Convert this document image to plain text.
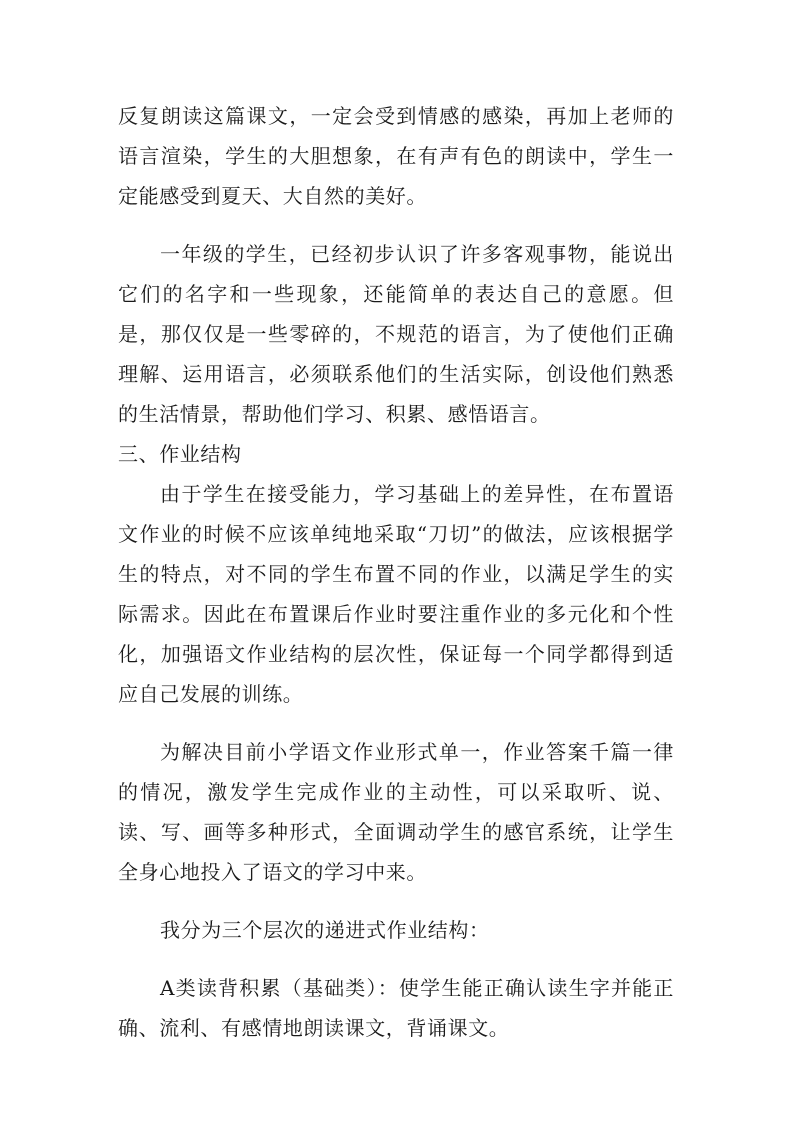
反复朗读这篇课文，一定会受到情感的感染，再加上老师的语言渲染，学生的大胆想象，在有声有色的朗读中，学生一定能感受到夏天、大自然的美好。

一年级的学生，已经初步认识了许多客观事物，能说出它们的名字和一些现象，还能简单的表达自己的意愿。但是，那仅仅是一些零碎的，不规范的语言，为了使他们正确理解、运用语言，必须联系他们的生活实际，创设他们熟悉的生活情景，帮助他们学习、积累、感悟语言。

三、作业结构

由于学生在接受能力，学习基础上的差异性，在布置语文作业的时候不应该单纯地采取“刀切”的做法，应该根据学生的特点，对不同的学生布置不同的作业，以满足学生的实际需求。因此在布置课后作业时要注重作业的多元化和个性化，加强语文作业结构的层次性，保证每一个同学都得到适应自己发展的训练。

为解决目前小学语文作业形式单一，作业答案千篇一律的情况，激发学生完成作业的主动性，可以采取听、说、读、写、画等多种形式，全面调动学生的感官系统，让学生全身心地投入了语文的学习中来。

我分为三个层次的递进式作业结构：

A类读背积累（基础类）：使学生能正确认读生字并能正确、流利、有感情地朗读课文，背诵课文。
